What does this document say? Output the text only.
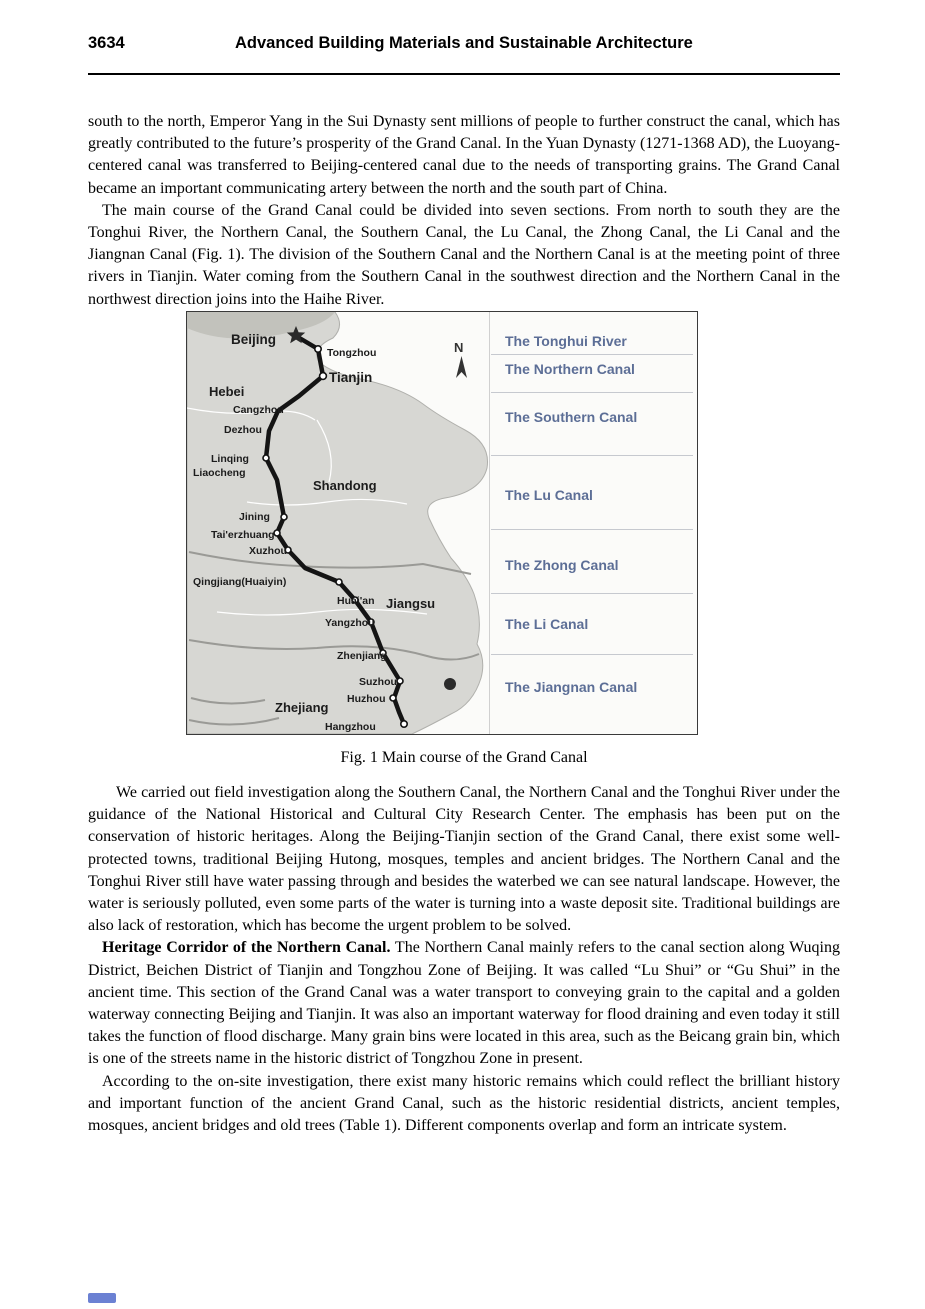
3634	Advanced Building Materials and Sustainable Architecture

south to the north, Emperor Yang in the Sui Dynasty sent millions of people to further construct the canal, which has greatly contributed to the future’s prosperity of the Grand Canal. In the Yuan Dynasty (1271-1368 AD), the Luoyang-centered canal was transferred to Beijing-centered canal due to the needs of transporting grains. The Grand Canal became an important communicating artery between the north and the south part of China.

The main course of the Grand Canal could be divided into seven sections. From north to south they are the Tonghui River, the Northern Canal, the Southern Canal, the Lu Canal, the Zhong Canal, the Li Canal and the Jiangnan Canal (Fig. 1). The division of the Southern Canal and the Northern Canal is at the meeting point of three rivers in Tianjin. Water coming from the Southern Canal in the southwest direction and the Northern Canal in the northwest direction joins into the Haihe River.

N
Beijing
Tongzhou
Tianjin
Hebei
Cangzhou
Dezhou
Linqing
Liaocheng
Shandong
Jining
Tai'erzhuang
Xuzhou
Qingjiang(Huaiyin)
Huai'an Jiangsu
Yangzhou
Zhenjiang
Suzhou
Huzhou
Zhejiang
Hangzhou
The Tonghui River
The Northern Canal
The Southern Canal
The Lu Canal
The Zhong Canal
The Li Canal
The Jiangnan Canal
Fig. 1 Main course of the Grand Canal

We carried out field investigation along the Southern Canal, the Northern Canal and the Tonghui River under the guidance of the National Historical and Cultural City Research Center. The emphasis has been put on the conservation of historic heritages. Along the Beijing-Tianjin section of the Grand Canal, there exist some well-protected towns, traditional Beijing Hutong, mosques, temples and ancient bridges. The Northern Canal and the Tonghui River still have water passing through and besides the waterbed we can see natural landscape. However, the water is seriously polluted, even some parts of the water is turning into a waste deposit site. Traditional buildings are also lack of restoration, which has become the urgent problem to be solved.

Heritage Corridor of the Northern Canal. The Northern Canal mainly refers to the canal section along Wuqing District, Beichen District of Tianjin and Tongzhou Zone of Beijing. It was called “Lu Shui” or “Gu Shui” in the ancient time. This section of the Grand Canal was a water transport to conveying grain to the capital and a golden waterway connecting Beijing and Tianjin. It was also an important waterway for flood draining and even today it still takes the function of flood discharge. Many grain bins were located in this area, such as the Beicang grain bin, which is one of the streets name in the historic district of Tongzhou Zone in present.

According to the on-site investigation, there exist many historic remains which could reflect the brilliant history and important function of the ancient Grand Canal, such as the historic residential districts, ancient temples, mosques, ancient bridges and old trees (Table 1). Different components overlap and form an intricate system.
